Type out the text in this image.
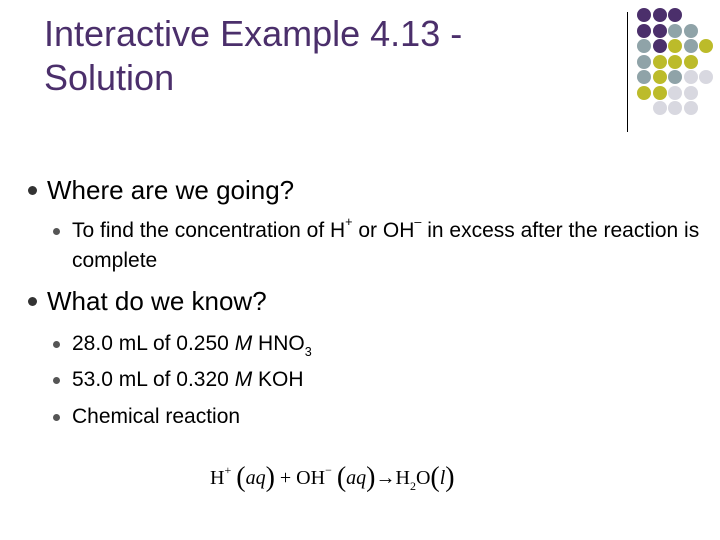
Interactive Example 4.13 -
Solution
Where are we going?
To find the concentration of H+ or OH– in excess after the reaction is complete
What do we know?
28.0 mL of 0.250 M $HNO_3$
53.0 mL of 0.320 M KOH
Chemical reaction
H+ (aq) + OH− $(aq)\to H_2O(l)$
